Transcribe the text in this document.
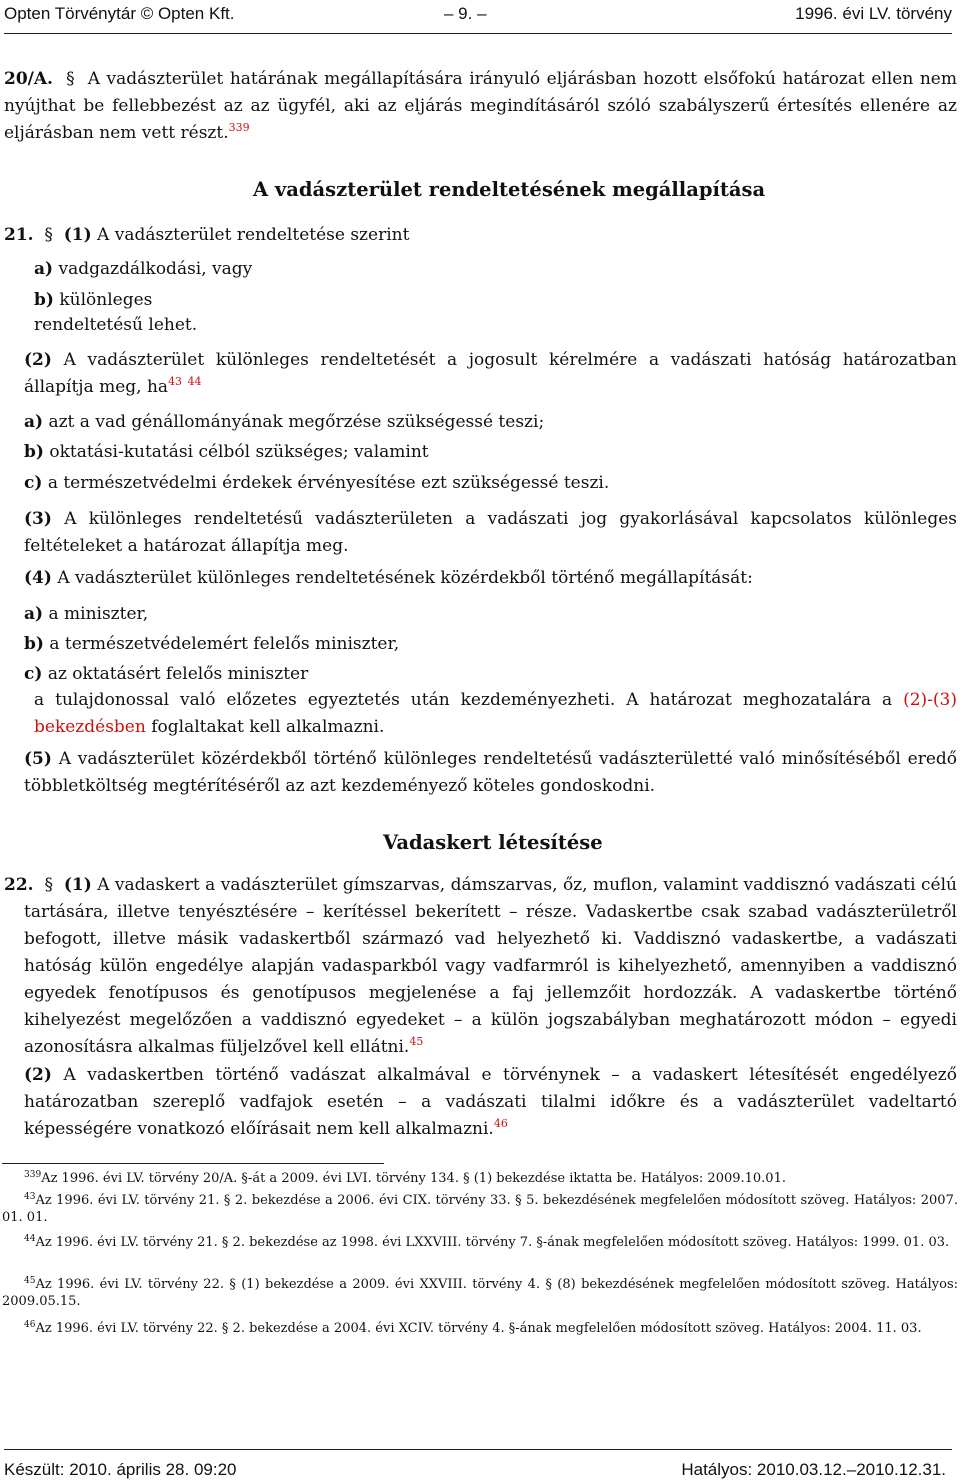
Opten Törvénytár © Opten Kft.	– 9. –	1996. évi LV. törvény
20/A. § A vadászterület határának megállapítására irányuló eljárásban hozott elsőfokú határozat ellen nem nyújthat be fellebbezést az az ügyfél, aki az eljárás megindításáról szóló szabályszerű értesítés ellenére az eljárásban nem vett részt.$^{339}$
A vadászterület rendeltetésének megállapítása
21. § (1) A vadászterület rendeltetése szerint
a) vadgazdálkodási, vagy
b) különleges
rendeltetésű lehet.
(2) A vadászterület különleges rendeltetését a jogosult kérelmére a vadászati hatóság határozatban állapítja meg, $ha^{43}$ $^{44}$
a) azt a vad génállományának megőrzése szükségessé teszi;
b) oktatási-kutatási célból szükséges; valamint
c) a természetvédelmi érdekek érvényesítése ezt szükségessé teszi.
(3) A különleges rendeltetésű vadászterületen a vadászati jog gyakorlásával kapcsolatos különleges feltételeket a határozat állapítja meg.
(4) A vadászterület különleges rendeltetésének közérdekből történő megállapítását:
a) a miniszter,
b) a természetvédelemért felelős miniszter,
c) az oktatásért felelős miniszter
a tulajdonossal való előzetes egyeztetés után kezdeményezheti. A határozat meghozatalára a (2)-(3) bekezdésben foglaltakat kell alkalmazni.
(5) A vadászterület közérdekből történő különleges rendeltetésű vadászterületté való minősítéséből eredő többletköltség megtérítéséről az azt kezdeményező köteles gondoskodni.
Vadaskert létesítése
22. § (1) A vadaskert a vadászterület gímszarvas, dámszarvas, őz, muflon, valamint vaddisznó vadászati célú tartására, illetve tenyésztésére – kerítéssel bekerített – része. Vadaskertbe csak szabad vadászterületről befogott, illetve másik vadaskertből származó vad helyezhető ki. Vaddisznó vadaskertbe, a vadászati hatóság külön engedélye alapján vadasparkból vagy vadfarmról is kihelyezhető, amennyiben a vaddisznó egyedek fenotípusos és genotípusos megjelenése a faj jellemzőit hordozzák. A vadaskertbe történő kihelyezést megelőzően a vaddisznó egyedeket – a külön jogszabályban meghatározott módon – egyedi azonosításra alkalmas füljelzővel kell ellátni.$^{45}$
(2) A vadaskertben történő vadászat alkalmával e törvénynek – a vadaskert létesítését engedélyező határozatban szereplő vadfajok esetén – a vadászati tilalmi időkre és a vadászterület vadeltartó képességére vonatkozó előírásait nem kell alkalmazni.$^{46}$
$^{339}$Az 1996. évi LV. törvény 20/A. §-át a 2009. évi LVI. törvény 134. § (1) bekezdése iktatta be. Hatályos: 2009.10.01.
$^{43}$Az 1996. évi LV. törvény 21. § 2. bekezdése a 2006. évi CIX. törvény 33. § 5. bekezdésének megfelelően módosított szöveg. Hatályos: 2007. 01. 01.
$^{44}$Az 1996. évi LV. törvény 21. § 2. bekezdése az 1998. évi LXXVIII. törvény 7. §-ának megfelelően módosított szöveg. Hatályos: 1999. 01. 03.
$^{45}$Az 1996. évi LV. törvény 22. § (1) bekezdése a 2009. évi XXVIII. törvény 4. § (8) bekezdésének megfelelően módosított szöveg. Hatályos: 2009.05.15.
$^{46}$Az 1996. évi LV. törvény 22. § 2. bekezdése a 2004. évi XCIV. törvény 4. §-ának megfelelően módosított szöveg. Hatályos: 2004. 11. 03.
Készült: 2010. április 28. 09:20	Hatályos: 2010.03.12.–2010.12.31.
